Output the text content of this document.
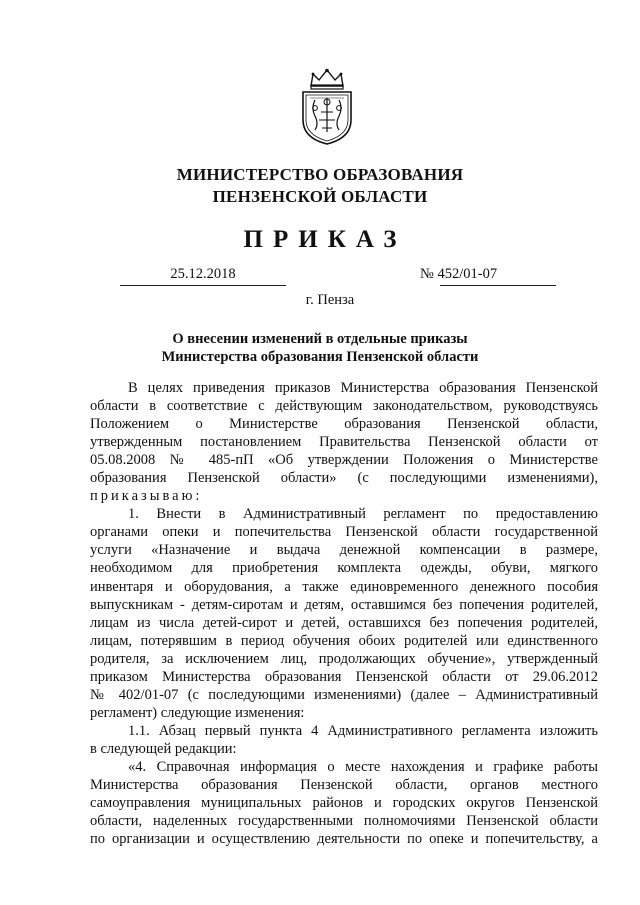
МИНИСТЕРСТВО ОБРАЗОВАНИЯ
ПЕНЗЕНСКОЙ ОБЛАСТИ
ПРИКАЗ
25.12.2018	№ 452/01-07
г. Пенза
О внесении изменений в отдельные приказы
Министерства образования Пензенской области

В целях приведения приказов Министерства образования Пензенской

области в соответствие с действующим законодательством, руководствуясь

Положением о Министерстве образования Пензенской области,

утвержденным постановлением Правительства Пензенской области от

05.08.2008 № 485-пП «Об утверждении Положения о Министерстве

образования Пензенской области» (с последующими изменениями),

приказываю:

1. Внести в Административный регламент по предоставлению

органами опеки и попечительства Пензенской области государственной

услуги «Назначение и выдача денежной компенсации в размере,

необходимом для приобретения комплекта одежды, обуви, мягкого

инвентаря и оборудования, а также единовременного денежного пособия

выпускникам - детям-сиротам и детям, оставшимся без попечения родителей,

лицам из числа детей-сирот и детей, оставшихся без попечения родителей,

лицам, потерявшим в период обучения обоих родителей или единственного

родителя, за исключением лиц, продолжающих обучение», утвержденный

приказом Министерства образования Пензенской области от 29.06.2012

№ 402/01-07 (с последующими изменениями) (далее – Административный

регламент) следующие изменения:

1.1. Абзац первый пункта 4 Административного регламента изложить

в следующей редакции:

«4. Справочная информация о месте нахождения и графике работы

Министерства образования Пензенской области, органов местного

самоуправления муниципальных районов и городских округов Пензенской

области, наделенных государственными полномочиями Пензенской области

по организации и осуществлению деятельности по опеке и попечительству, а
